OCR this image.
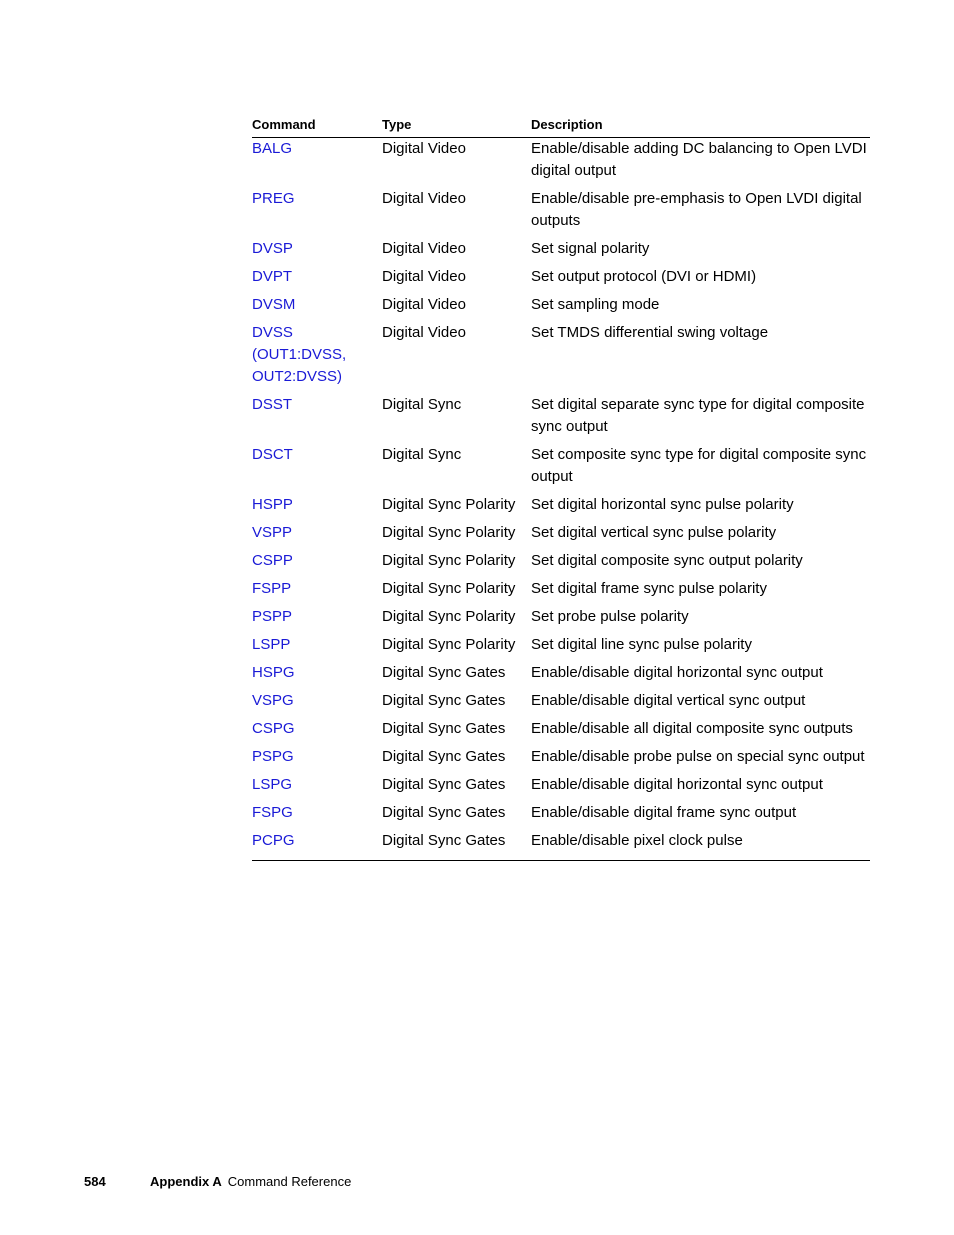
Command	Type	Description
BALG	Digital Video	Enable/disable adding DC balancing to Open LVDI digital output
PREG	Digital Video	Enable/disable pre-emphasis to Open LVDI digital outputs
DVSP	Digital Video	Set signal polarity
DVPT	Digital Video	Set output protocol (DVI or HDMI)
DVSM	Digital Video	Set sampling mode
DVSS (OUT1:DVSS, OUT2:DVSS)	Digital Video	Set TMDS differential swing voltage
DSST	Digital Sync	Set digital separate sync type for digital composite sync output
DSCT	Digital Sync	Set composite sync type for digital composite sync output
HSPP	Digital Sync Polarity	Set digital horizontal sync pulse polarity
VSPP	Digital Sync Polarity	Set digital vertical sync pulse polarity
CSPP	Digital Sync Polarity	Set digital composite sync output polarity
FSPP	Digital Sync Polarity	Set digital frame sync pulse polarity
PSPP	Digital Sync Polarity	Set probe pulse polarity
LSPP	Digital Sync Polarity	Set digital line sync pulse polarity
HSPG	Digital Sync Gates	Enable/disable digital horizontal sync output
VSPG	Digital Sync Gates	Enable/disable digital vertical sync output
CSPG	Digital Sync Gates	Enable/disable all digital composite sync outputs
PSPG	Digital Sync Gates	Enable/disable probe pulse on special sync output
LSPG	Digital Sync Gates	Enable/disable digital horizontal sync output
FSPG	Digital Sync Gates	Enable/disable digital frame sync output
PCPG	Digital Sync Gates	Enable/disable pixel clock pulse

584	Appendix A Command Reference
